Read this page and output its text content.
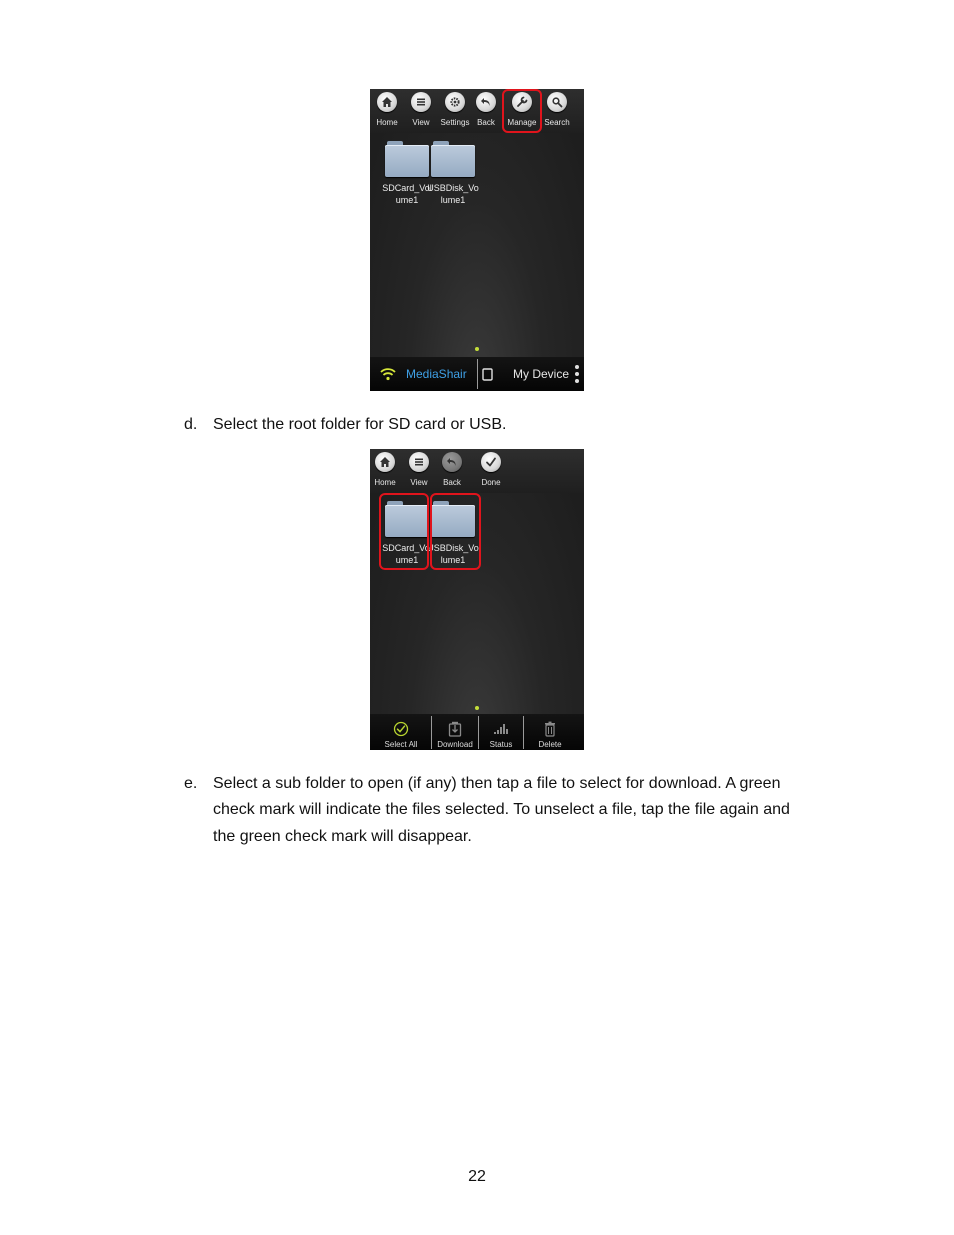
Home	View	Settings Back	Manage Search
SDCard_Volume1
USBDisk_Volume1
MediaShair	My Device
d. Select the root folder for SD card or USB.
Home	View	Back	Done
SDCard_Volume1
USBDisk_Volume1
Select All	Download	Status	Delete
e. Select a sub folder to open (if any) then tap a file to select for download. A green
check mark will indicate the files selected. To unselect a file, tap the file again and
the green check mark will disappear.
22
